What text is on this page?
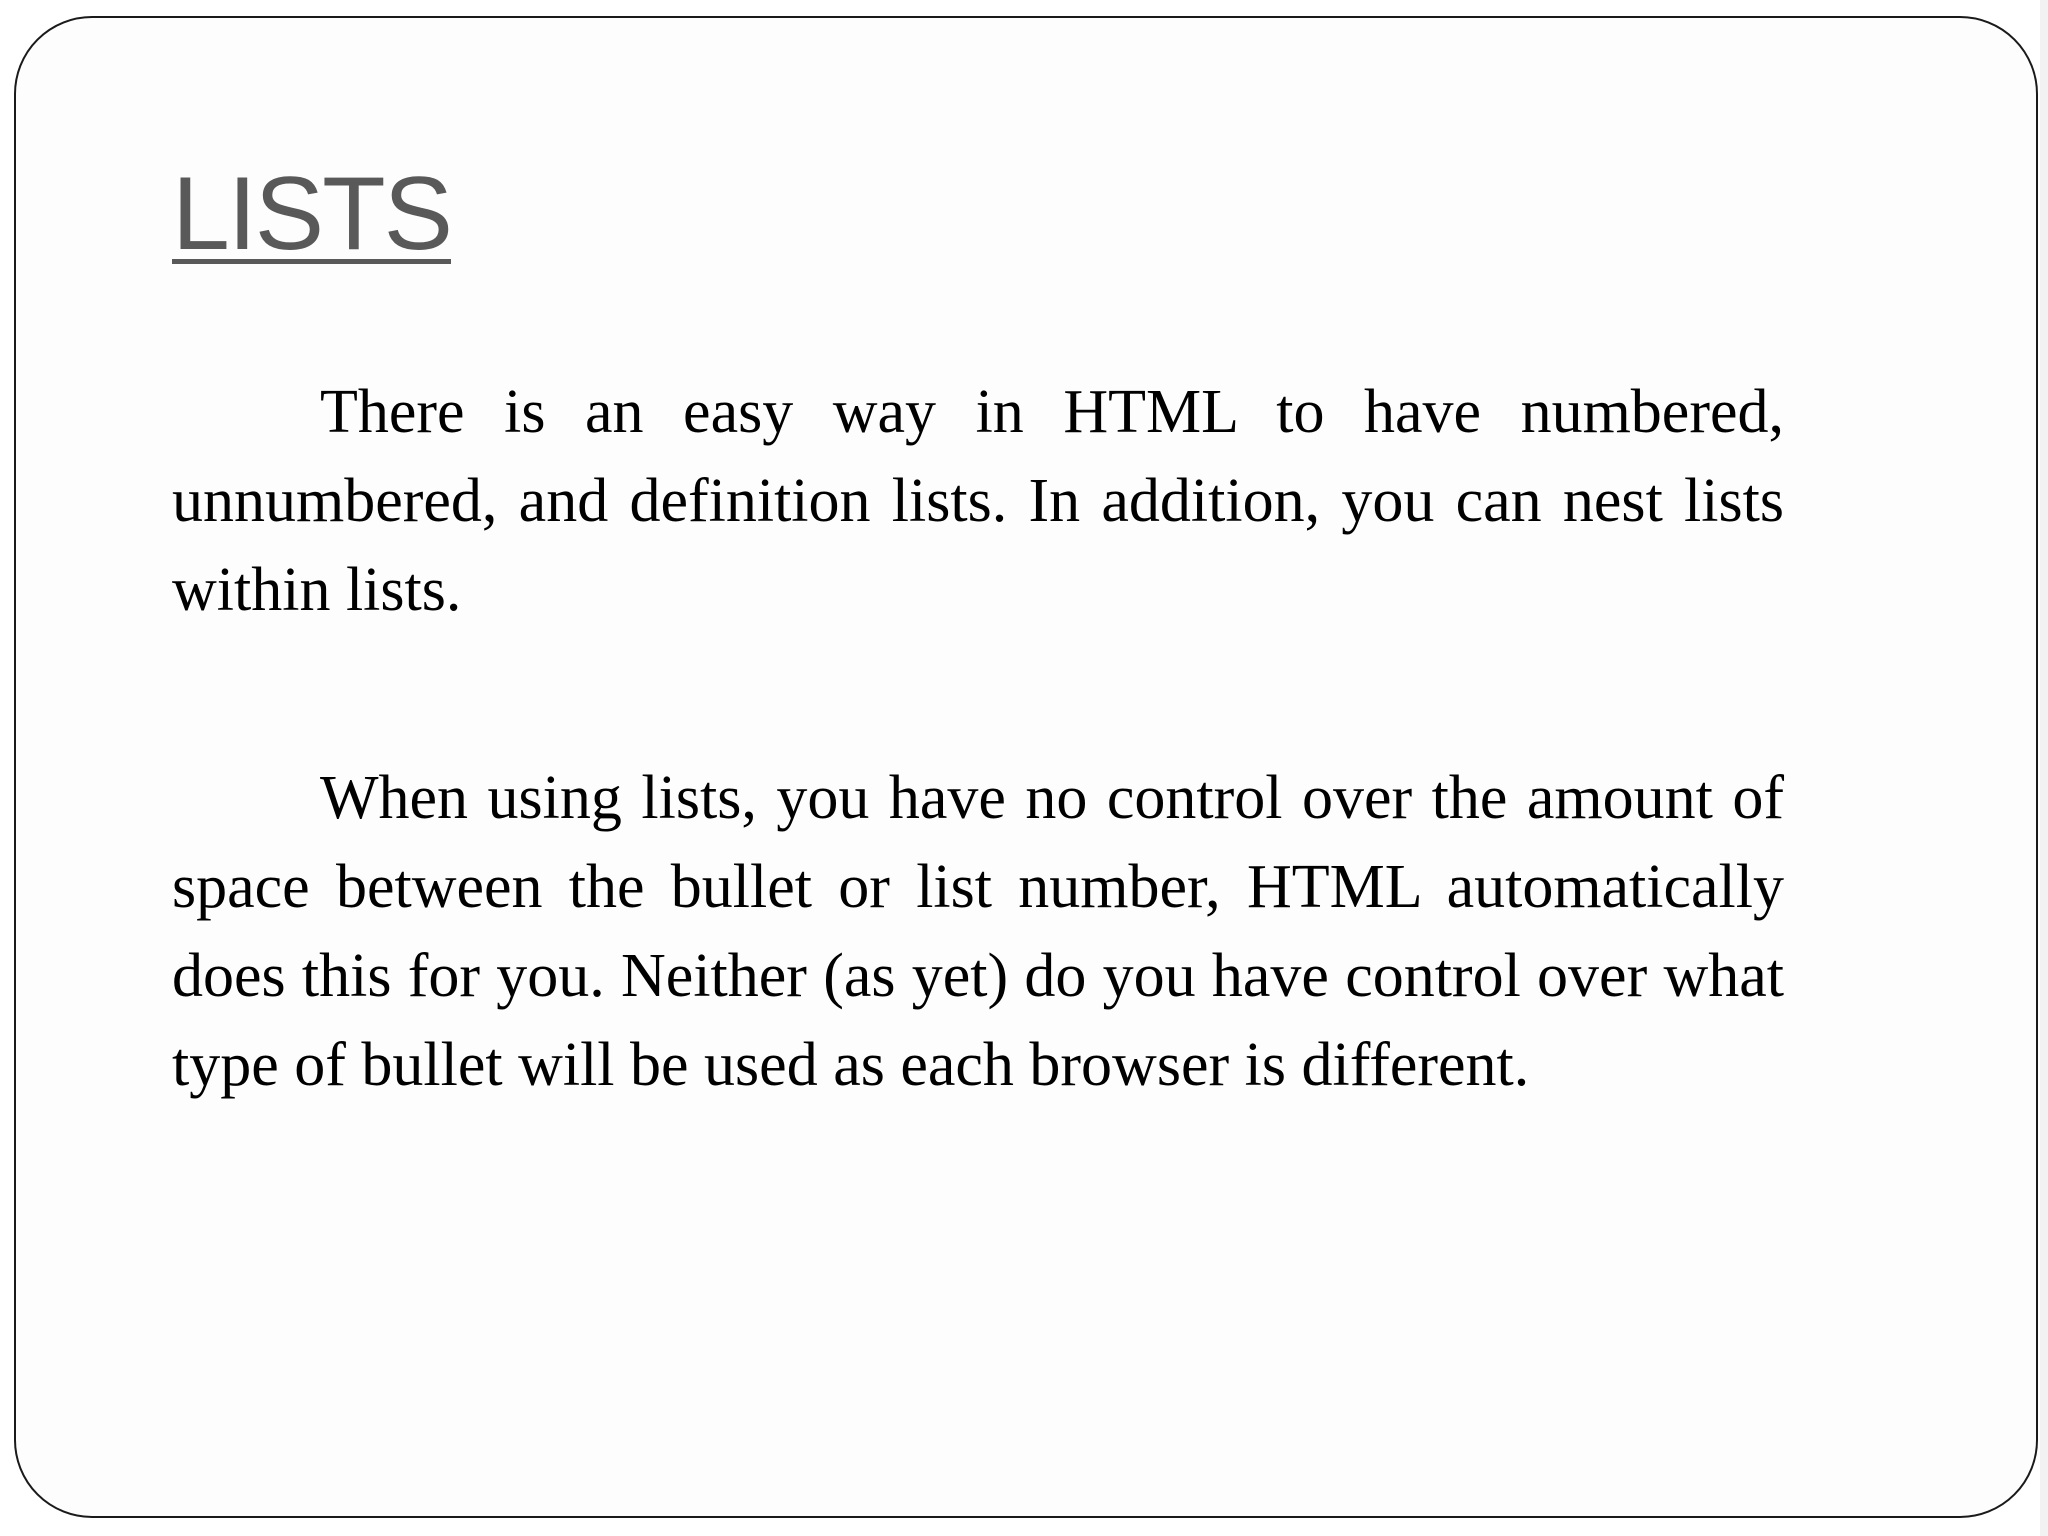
LISTS

There is an easy way in HTML to have numbered, unnumbered, and definition lists. In addition, you can nest lists within lists.

When using lists, you have no control over the amount of space between the bullet or list number, HTML automatically does this for you. Neither (as yet) do you have control over what type of bullet will be used as each browser is different.
